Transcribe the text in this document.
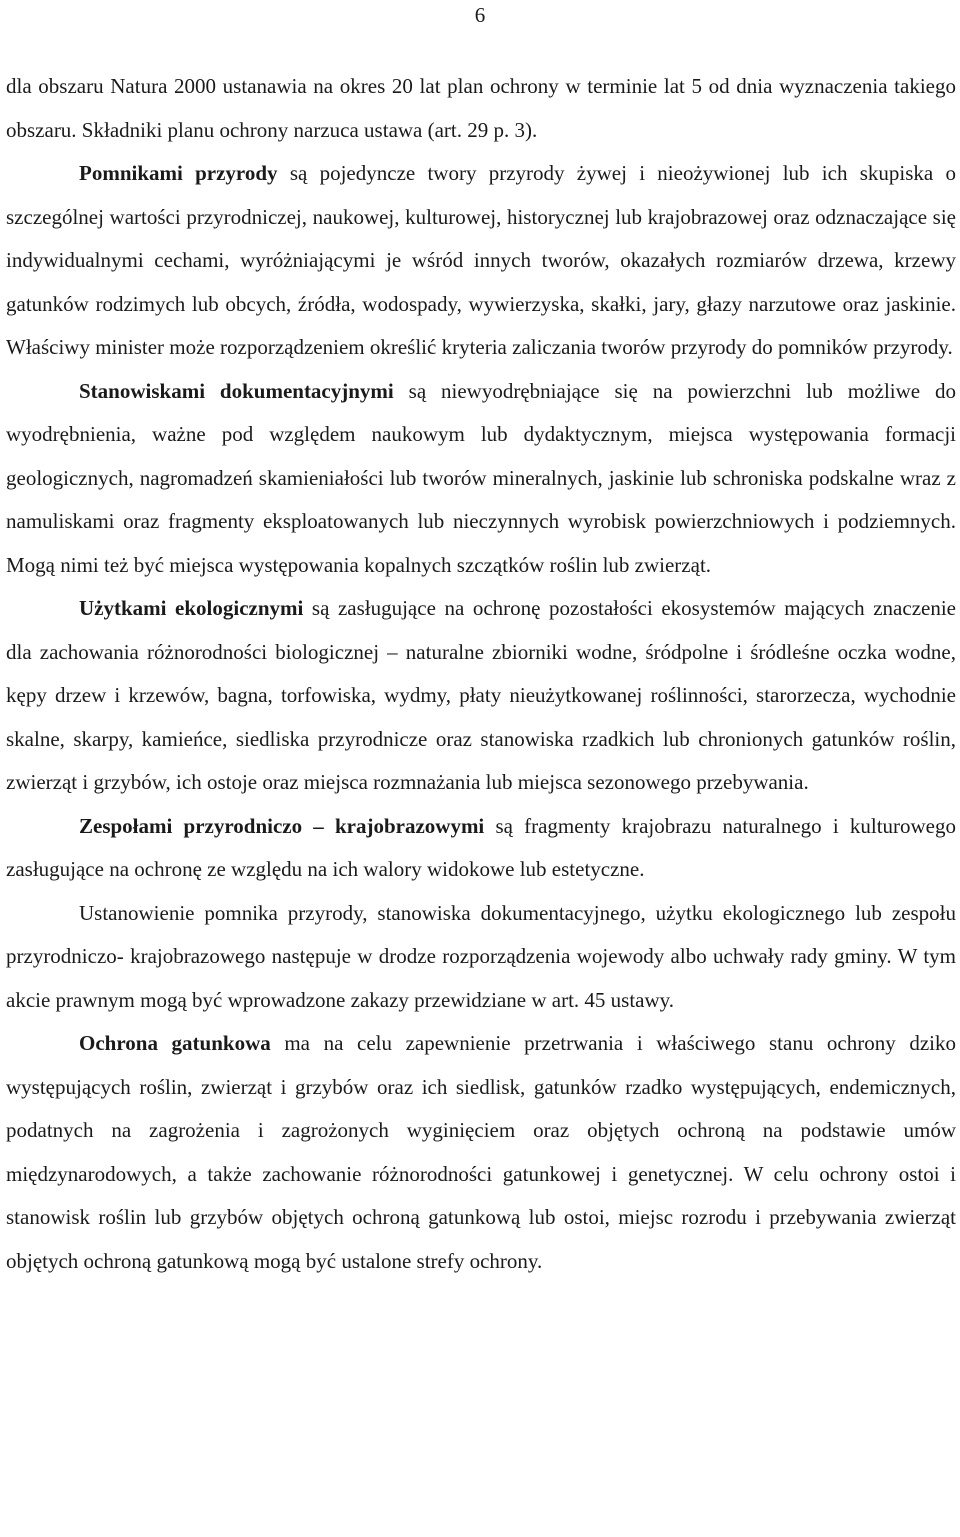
6

dla obszaru Natura 2000 ustanawia na okres 20 lat plan ochrony w terminie lat 5 od dnia wyznaczenia takiego obszaru. Składniki planu ochrony narzuca ustawa (art. 29 p. 3).

Pomnikami przyrody są pojedyncze twory przyrody żywej i nieożywionej lub ich skupiska o szczególnej wartości przyrodniczej, naukowej, kulturowej, historycznej lub krajobrazowej oraz odznaczające się indywidualnymi cechami, wyróżniającymi je wśród innych tworów, okazałych rozmiarów drzewa, krzewy gatunków rodzimych lub obcych, źródła, wodospady, wywierzyska, skałki, jary, głazy narzutowe oraz jaskinie. Właściwy minister może rozporządzeniem określić kryteria zaliczania tworów przyrody do pomników przyrody.

Stanowiskami dokumentacyjnymi są niewyodrębniające się na powierzchni lub możliwe do wyodrębnienia, ważne pod względem naukowym lub dydaktycznym, miejsca występowania formacji geologicznych, nagromadzeń skamieniałości lub tworów mineralnych, jaskinie lub schroniska podskalne wraz z namuliskami oraz fragmenty eksploatowanych lub nieczynnych wyrobisk powierzchniowych i podziemnych. Mogą nimi też być miejsca występowania kopalnych szczątków roślin lub zwierząt.

Użytkami ekologicznymi są zasługujące na ochronę pozostałości ekosystemów mających znaczenie dla zachowania różnorodności biologicznej – naturalne zbiorniki wodne, śródpolne i śródleśne oczka wodne, kępy drzew i krzewów, bagna, torfowiska, wydmy, płaty nieużytkowanej roślinności, starorzecza, wychodnie skalne, skarpy, kamieńce, siedliska przyrodnicze oraz stanowiska rzadkich lub chronionych gatunków roślin, zwierząt i grzybów, ich ostoje oraz miejsca rozmnażania lub miejsca sezonowego przebywania.

Zespołami przyrodniczo – krajobrazowymi są fragmenty krajobrazu naturalnego i kulturowego zasługujące na ochronę ze względu na ich walory widokowe lub estetyczne.

Ustanowienie pomnika przyrody, stanowiska dokumentacyjnego, użytku ekologicznego lub zespołu przyrodniczo- krajobrazowego następuje w drodze rozporządzenia wojewody albo uchwały rady gminy. W tym akcie prawnym mogą być wprowadzone zakazy przewidziane w art. 45 ustawy.

Ochrona gatunkowa ma na celu zapewnienie przetrwania i właściwego stanu ochrony dziko występujących roślin, zwierząt i grzybów oraz ich siedlisk, gatunków rzadko występujących, endemicznych, podatnych na zagrożenia i zagrożonych wyginięciem oraz objętych ochroną na podstawie umów międzynarodowych, a także zachowanie różnorodności gatunkowej i genetycznej. W celu ochrony ostoi i stanowisk roślin lub grzybów objętych ochroną gatunkową lub ostoi, miejsc rozrodu i przebywania zwierząt objętych ochroną gatunkową mogą być ustalone strefy ochrony.
